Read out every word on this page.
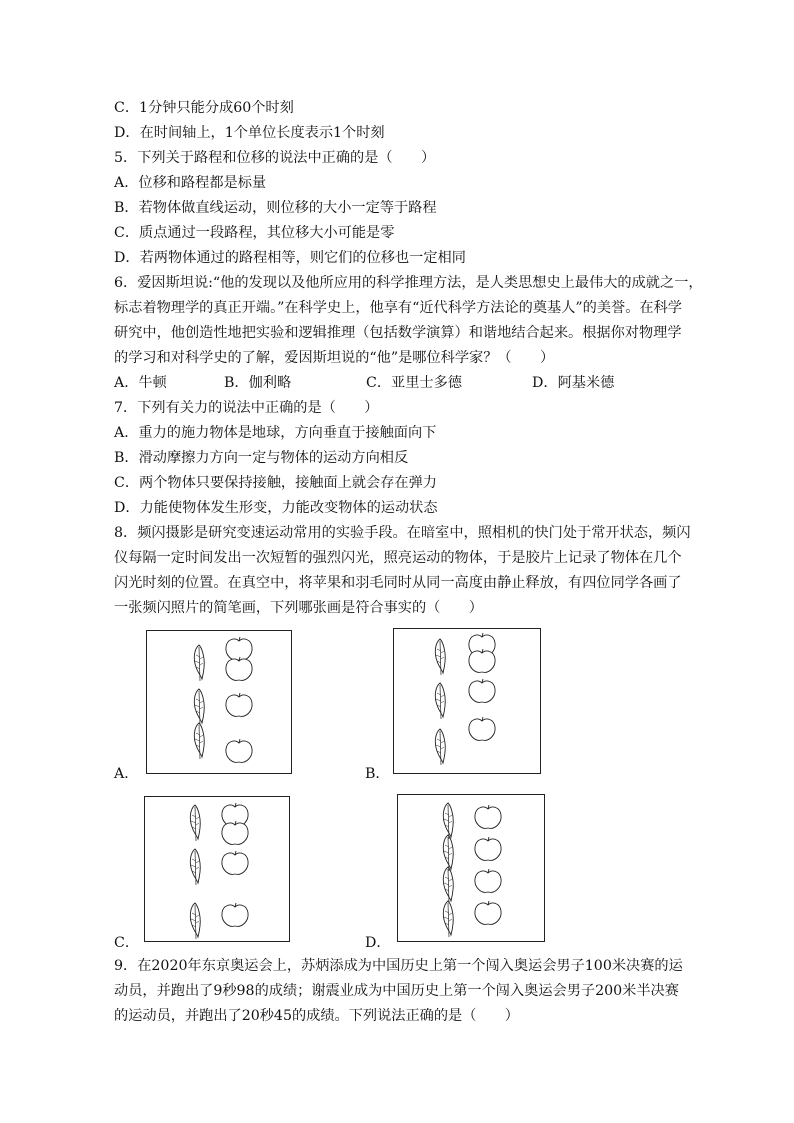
C．1分钟只能分成60个时刻
D．在时间轴上，1个单位长度表示1个时刻
5．下列关于路程和位移的说法中正确的是（　　）
A．位移和路程都是标量
B．若物体做直线运动，则位移的大小一定等于路程
C．质点通过一段路程，其位移大小可能是零
D．若两物体通过的路程相等，则它们的位移也一定相同
6．爱因斯坦说:“他的发现以及他所应用的科学推理方法，是人类思想史上最伟大的成就之一，
标志着物理学的真正开端。”在科学史上，他享有“近代科学方法论的奠基人”的美誉。在科学
研究中，他创造性地把实验和逻辑推理（包括数学演算）和谐地结合起来。根据你对物理学
的学习和对科学史的了解，爱因斯坦说的“他”是哪位科学家？（　　）
A．牛顿	B．伽利略	C．亚里士多德	D．阿基米德
7．下列有关力的说法中正确的是（　　）
A．重力的施力物体是地球，方向垂直于接触面向下
B．滑动摩擦力方向一定与物体的运动方向相反
C．两个物体只要保持接触，接触面上就会存在弹力
D．力能使物体发生形变，力能改变物体的运动状态
8．频闪摄影是研究变速运动常用的实验手段。在暗室中，照相机的快门处于常开状态，频闪
仪每隔一定时间发出一次短暂的强烈闪光，照亮运动的物体，于是胶片上记录了物体在几个
闪光时刻的位置。在真空中，将苹果和羽毛同时从同一高度由静止释放，有四位同学各画了
一张频闪照片的简笔画，下列哪张画是符合事实的（　　）
A．	B．
C．	D．
9．在2020年东京奥运会上，苏炳添成为中国历史上第一个闯入奥运会男子100米决赛的运
动员，并跑出了9秒98的成绩；谢震业成为中国历史上第一个闯入奥运会男子200米半决赛
的运动员，并跑出了20秒45的成绩。下列说法正确的是（　　）
